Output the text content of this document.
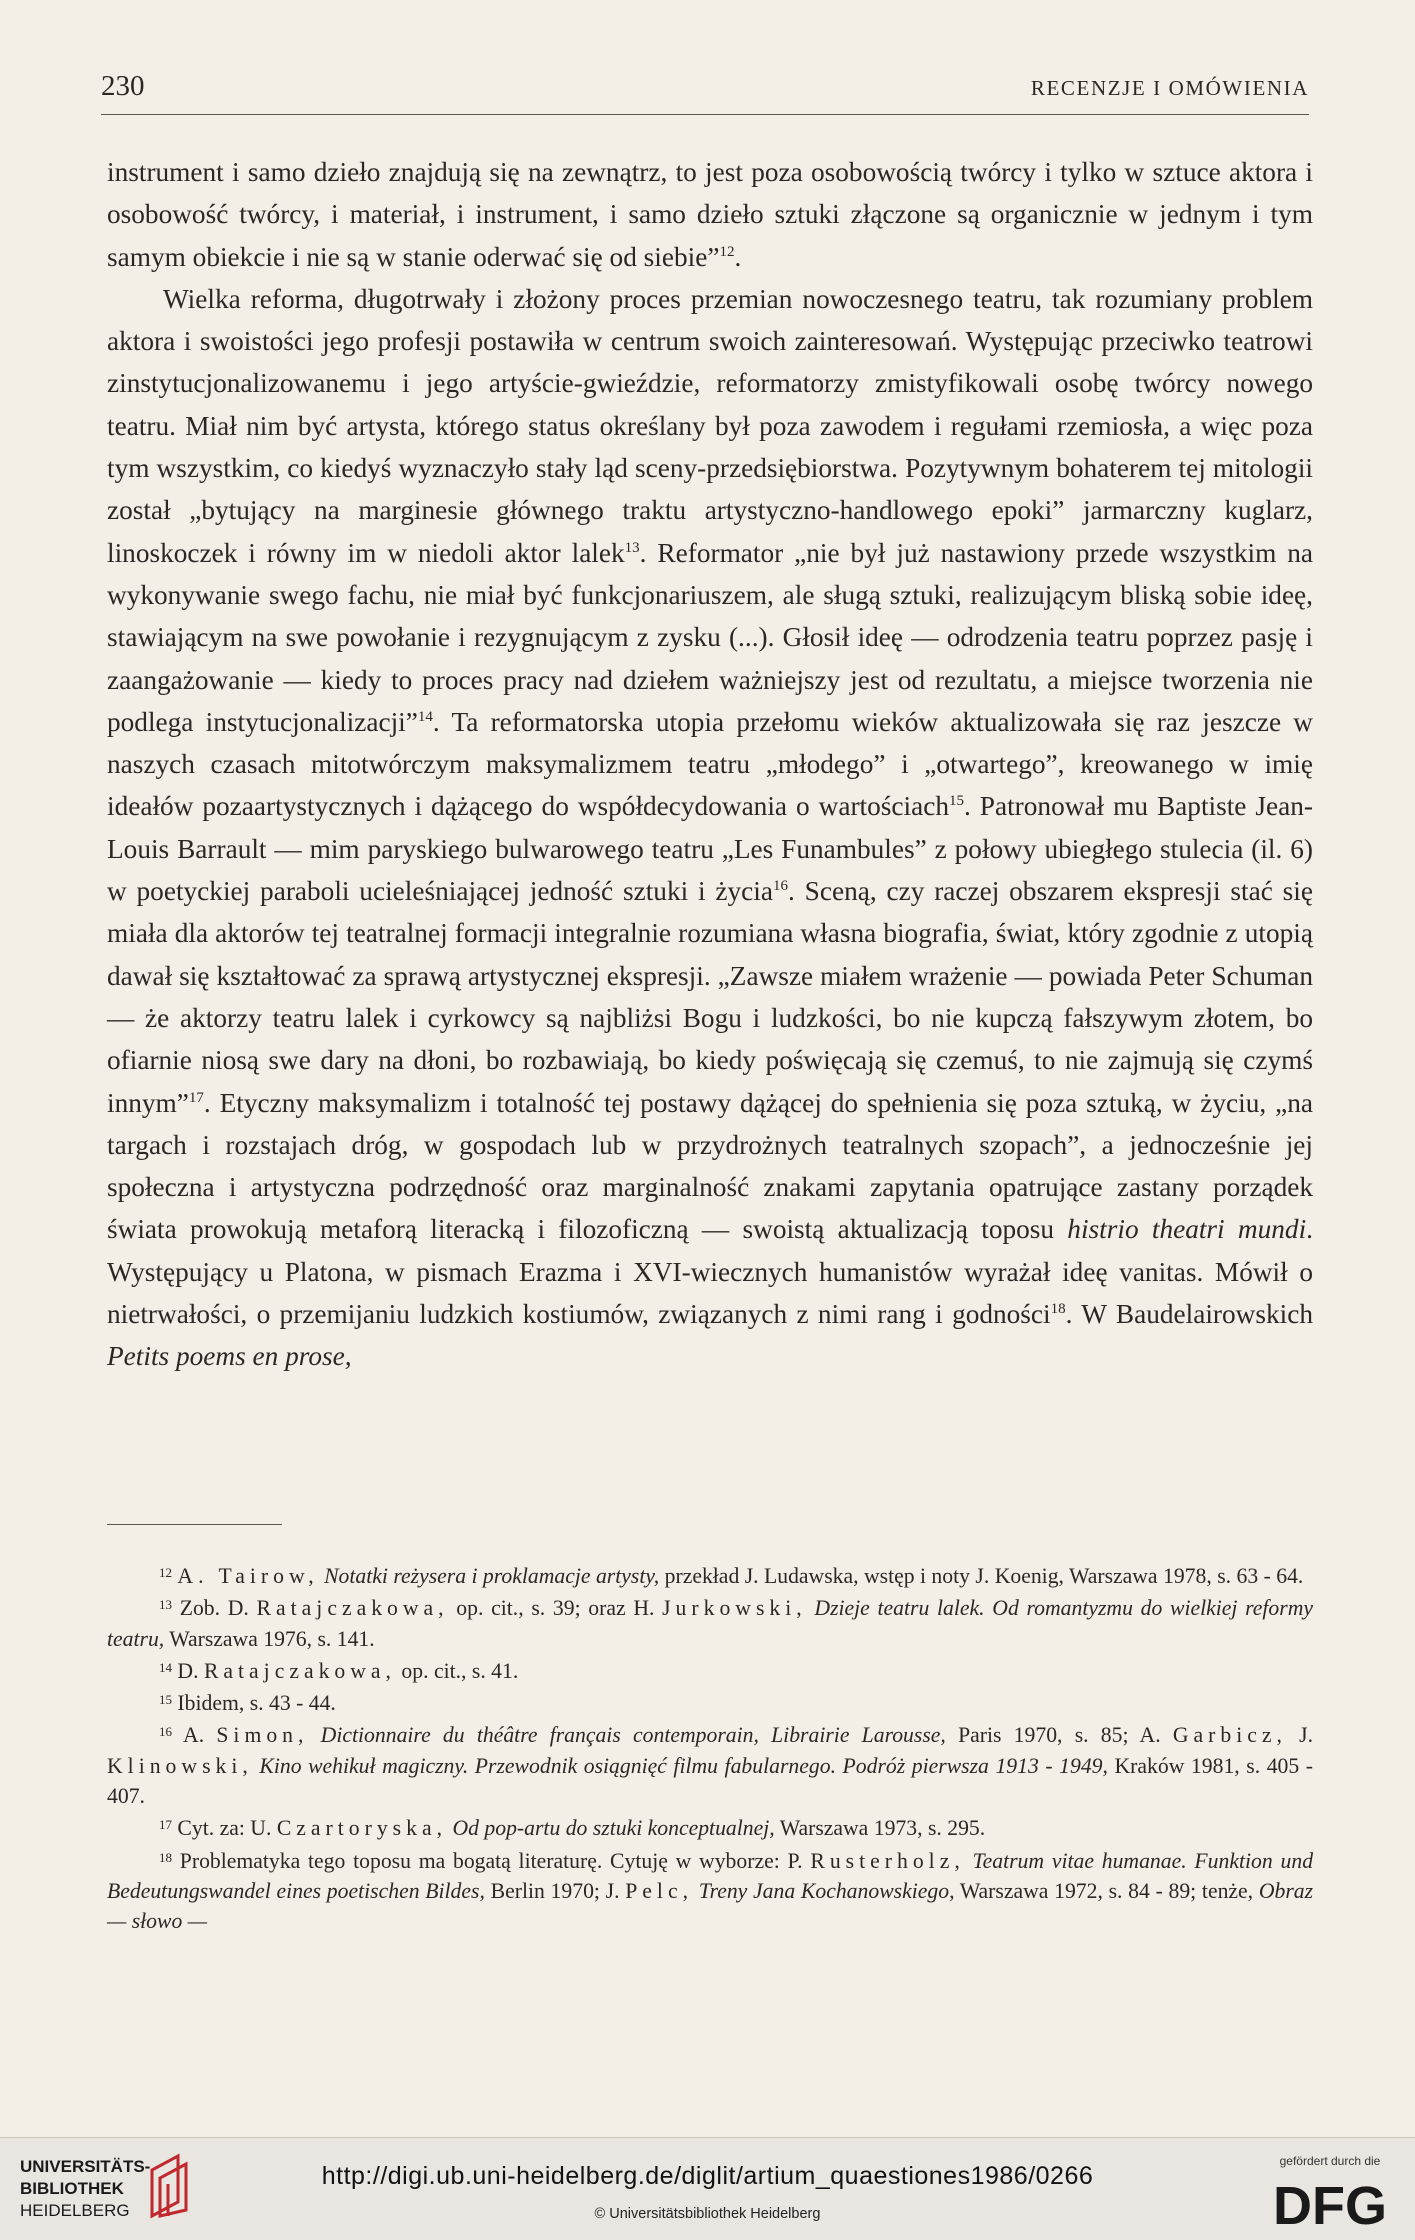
230	RECENZJE I OMÓWIENIA

instrument i samo dzieło znajdują się na zewnątrz, to jest poza osobowością twórcy i tylko w sztuce aktora i osobowość twórcy, i materiał, i instrument, i samo dzieło sztuki złączone są organicznie w jednym i tym samym obiekcie i nie są w stanie oderwać się od siebie”$^{12}$.

Wielka reforma, długotrwały i złożony proces przemian nowoczesnego teatru, tak rozumiany problem aktora i swoistości jego profesji postawiła w centrum swoich zainteresowań. Występując przeciwko teatrowi zinstytucjonalizowanemu i jego artyście-gwieździe, reformatorzy zmistyfikowali osobę twórcy nowego teatru. Miał nim być artysta, którego status określany był poza zawodem i regułami rzemiosła, a więc poza tym wszystkim, co kiedyś wyznaczyło stały ląd sceny-przedsiębiorstwa. Pozytywnym bohaterem tej mitologii został „bytujący na marginesie głównego traktu artystyczno-handlowego epoki” jarmarczny kuglarz, linoskoczek i równy im w niedoli aktor lalek$^{13}$. Reformator „nie był już nastawiony przede wszystkim na wykonywanie swego fachu, nie miał być funkcjonariuszem, ale sługą sztuki, realizującym bliską sobie ideę, stawiającym na swe powołanie i rezygnującym z zysku (...). Głosił ideę — odrodzenia teatru poprzez pasję i zaangażowanie — kiedy to proces pracy nad dziełem ważniejszy jest od rezultatu, a miejsce tworzenia nie podlega instytucjonalizacji”$^{14}$. Ta reformatorska utopia przełomu wieków aktualizowała się raz jeszcze w naszych czasach mitotwórczym maksymalizmem teatru „młodego” i „otwartego”, kreowanego w imię ideałów pozaartystycznych i dążącego do współdecydowania o wartościach$^{15}$. Patronował mu Baptiste Jean-Louis Barrault — mim paryskiego bulwarowego teatru „Les Funambules” z połowy ubiegłego stulecia (il. 6) w poetyckiej paraboli ucieleśniającej jedność sztuki i życia$^{16}$. Sceną, czy raczej obszarem ekspresji stać się miała dla aktorów tej teatralnej formacji integralnie rozumiana własna biografia, świat, który zgodnie z utopią dawał się kształtować za sprawą artystycznej ekspresji. „Zawsze miałem wrażenie — powiada Peter Schuman — że aktorzy teatru lalek i cyrkowcy są najbliżsi Bogu i ludzkości, bo nie kupczą fałszywym złotem, bo ofiarnie niosą swe dary na dłoni, bo rozbawiają, bo kiedy poświęcają się czemuś, to nie zajmują się czymś innym”$^{17}$. Etyczny maksymalizm i totalność tej postawy dążącej do spełnienia się poza sztuką, w życiu, „na targach i rozstajach dróg, w gospodach lub w przydrożnych teatralnych szopach”, a jednocześnie jej społeczna i artystyczna podrzędność oraz marginalność znakami zapytania opatrujące zastany porządek świata prowokują metaforą literacką i filozoficzną — swoistą aktualizacją toposu histrio theatri mundi. Występujący u Platona, w pismach Erazma i XVI-wiecznych humanistów wyrażał ideę vanitas. Mówił o nietrwałości, o przemijaniu ludzkich kostiumów, związanych z nimi rang i godności$^{18}$. W Baudelairowskich Petits poems en prose,

$^{12}$ A. Tairow, Notatki reżysera i proklamacje artysty, przekład J. Ludawska, wstęp i noty J. Koenig, Warszawa 1978, s. 63 - 64.

$^{13}$ Zob. D. Ratajczakowa, op. cit., s. 39; oraz H. Jurkowski, Dzieje teatru lalek. Od romantyzmu do wielkiej reformy teatru, Warszawa 1976, s. 141.

$^{14}$ D. Ratajczakowa, op. cit., s. 41.

$^{15}$ Ibidem, s. 43 - 44.

$^{16}$ A. Simon, Dictionnaire du théâtre français contemporain, Librairie Larousse, Paris 1970, s. 85; A. Garbicz, J. Klinowski, Kino wehikuł magiczny. Przewodnik osiągnięć filmu fabularnego. Podróż pierwsza 1913 - 1949, Kraków 1981, s. 405 - 407.

$^{17}$ Cyt. za: U. Czartoryska, Od pop-artu do sztuki konceptualnej, Warszawa 1973, s. 295.

$^{18}$ Problematyka tego toposu ma bogatą literaturę. Cytuję w wyborze: P. Rusterholz, Teatrum vitae humanae. Funktion und Bedeutungswandel eines poetischen Bildes, Berlin 1970; J. Pelc, Treny Jana Kochanowskiego, Warszawa 1972, s. 84 - 89; tenże, Obraz — słowo —

UNIVERSITÄTS-
BIBLIOTHEK
HEIDELBERG
http://digi.ub.uni-heidelberg.de/diglit/artium_quaestiones1986/0266
© Universitätsbibliothek Heidelberg
gefördert durch die
DFG
